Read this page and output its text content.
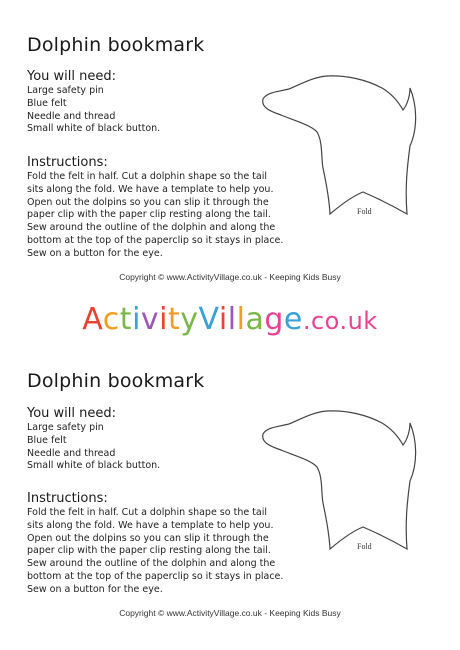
Dolphin bookmark
You will need:
Large safety pin
Blue felt
Needle and thread
Small white of black button.
Instructions:
Fold the felt in half. Cut a dolphin shape so the tail
sits along the fold. We have a template to help you.
Open out the dolpins so you can slip it through the
paper clip with the paper clip resting along the tail.
Sew around the outline of the dolphin and along the
bottom at the top of the paperclip so it stays in place.
Sew on a button for the eye.
Fold
Copyright © www.ActivityVillage.co.uk - Keeping Kids Busy
ActivityVillage.co.uk
Dolphin bookmark
You will need:
Large safety pin
Blue felt
Needle and thread
Small white of black button.
Instructions:
Fold the felt in half. Cut a dolphin shape so the tail
sits along the fold. We have a template to help you.
Open out the dolpins so you can slip it through the
paper clip with the paper clip resting along the tail.
Sew around the outline of the dolphin and along the
bottom at the top of the paperclip so it stays in place.
Sew on a button for the eye.
Fold
Copyright © www.ActivityVillage.co.uk - Keeping Kids Busy
